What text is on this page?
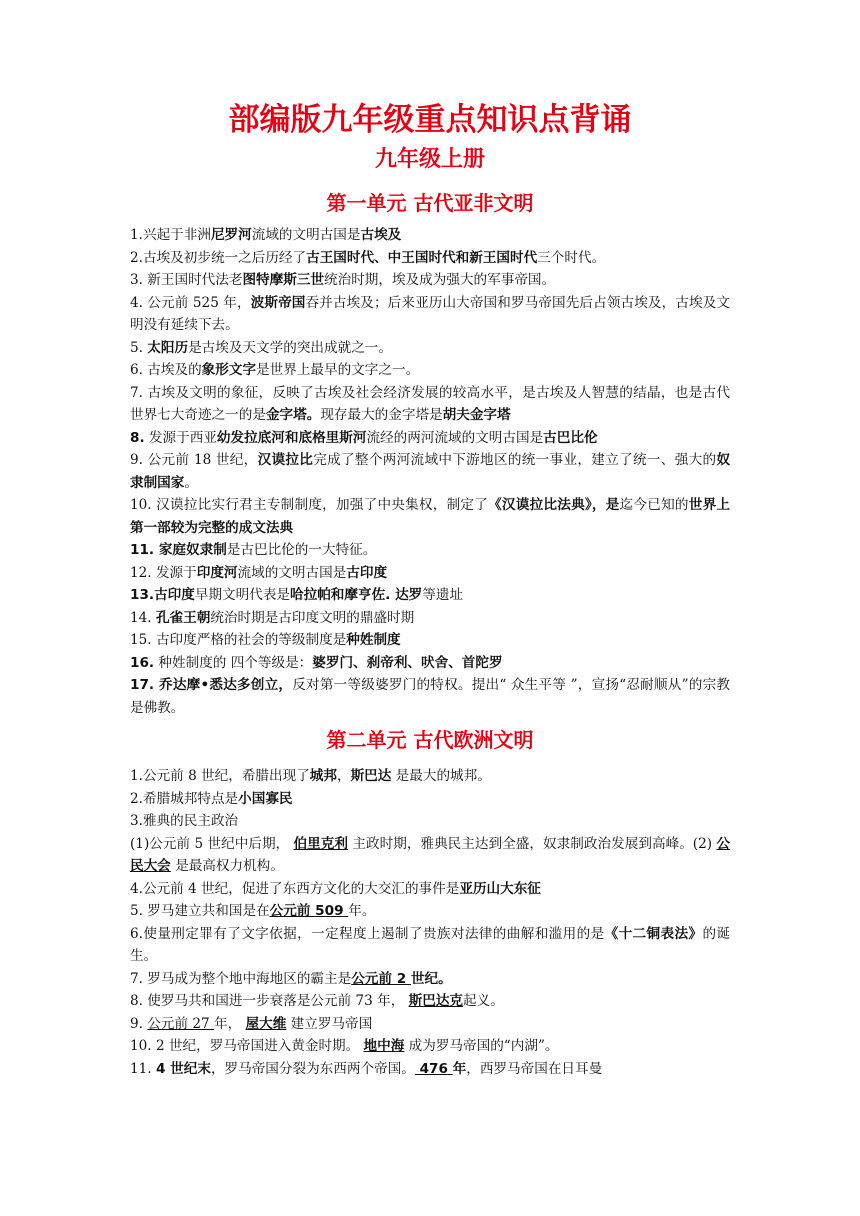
部编版九年级重点知识点背诵
九年级上册
第一单元 古代亚非文明

1.兴起于非洲尼罗河流域的文明古国是古埃及

2.古埃及初步统一之后历经了古王国时代、中王国时代和新王国时代三个时代。

3. 新王国时代法老图特摩斯三世统治时期，埃及成为强大的军事帝国。

4. 公元前 525 年，波斯帝国吞并古埃及；后来亚历山大帝国和罗马帝国先后占领古埃及，古埃及文明没有延续下去。

5. 太阳历是古埃及天文学的突出成就之一。

6. 古埃及的象形文字是世界上最早的文字之一。

7. 古埃及文明的象征，反映了古埃及社会经济发展的较高水平，是古埃及人智慧的结晶，也是古代世界七大奇迹之一的是金字塔。现存最大的金字塔是胡夫金字塔

8. 发源于西亚幼发拉底河和底格里斯河流经的两河流域的文明古国是古巴比伦

9. 公元前 18 世纪，汉谟拉比完成了整个两河流域中下游地区的统一事业，建立了统一、强大的奴隶制国家。

10. 汉谟拉比实行君主专制制度，加强了中央集权，制定了《汉谟拉比法典》，是迄今已知的世界上第一部较为完整的成文法典

11. 家庭奴隶制是古巴比伦的一大特征。

12. 发源于印度河流域的文明古国是古印度

13.古印度早期文明代表是哈拉帕和摩亨佐. 达罗等遗址

14. 孔雀王朝统治时期是古印度文明的鼎盛时期

15. 古印度严格的社会的等级制度是种姓制度

16. 种姓制度的 四个等级是：婆罗门、刹帝利、吠舍、首陀罗

17. 乔达摩•悉达多创立，反对第一等级婆罗门的特权。提出“ 众生平等 ”，宣扬“忍耐顺从”的宗教是佛教。

第二单元 古代欧洲文明

1.公元前 8 世纪，希腊出现了城邦，斯巴达 是最大的城邦。

2.希腊城邦特点是小国寡民

3.雅典的民主政治

(1)公元前 5 世纪中后期， 伯里克利 主政时期，雅典民主达到全盛，奴隶制政治发展到高峰。(2) 公民大会 是最高权力机构。

4.公元前 4 世纪，促进了东西方文化的大交汇的事件是亚历山大东征

5. 罗马建立共和国是在公元前 509 年。

6.使量刑定罪有了文字依据，一定程度上遏制了贵族对法律的曲解和滥用的是《十二铜表法》的诞生。

7. 罗马成为整个地中海地区的霸主是公元前 2 世纪。

8. 使罗马共和国进一步衰落是公元前 73 年， 斯巴达克起义。

9. 公元前 27 年， 屋大维 建立罗马帝国

10. 2 世纪，罗马帝国进入黄金时期。 地中海 成为罗马帝国的“内湖”。

11. 4 世纪末，罗马帝国分裂为东西两个帝国。 476 年，西罗马帝国在日耳曼
